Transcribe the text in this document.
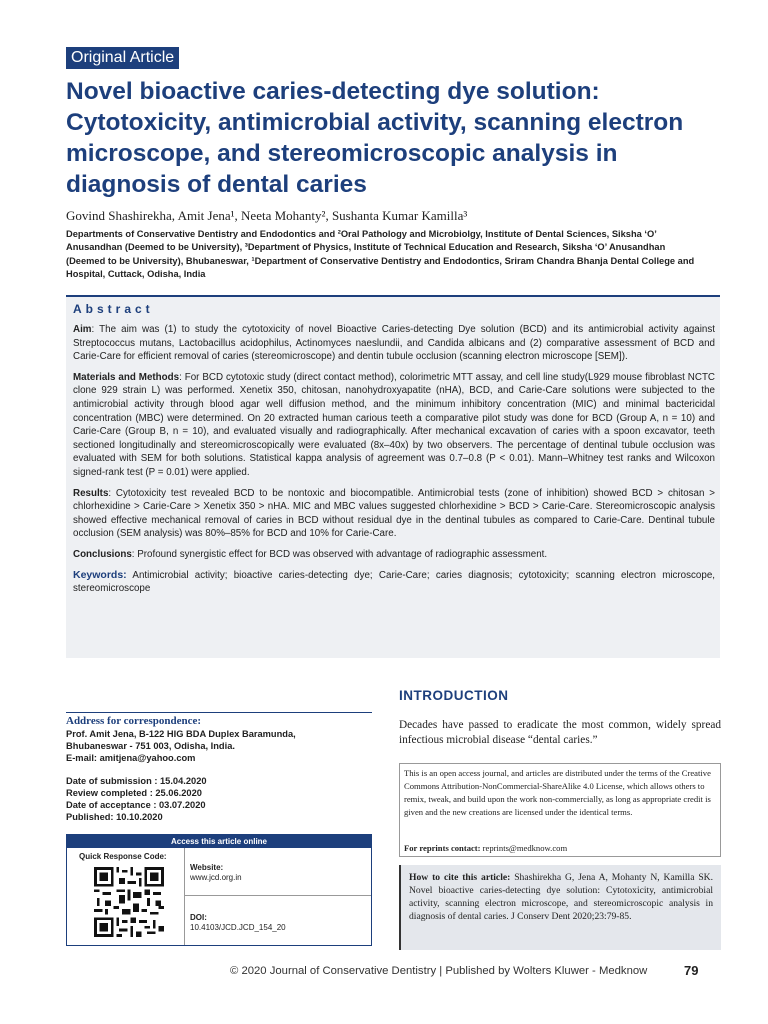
Original Article
Novel bioactive caries-detecting dye solution: Cytotoxicity, antimicrobial activity, scanning electron microscope, and stereomicroscopic analysis in diagnosis of dental caries
Govind Shashirekha, Amit Jena¹, Neeta Mohanty², Sushanta Kumar Kamilla³
Departments of Conservative Dentistry and Endodontics and ²Oral Pathology and Microbiolgy, Institute of Dental Sciences, Siksha ‘O’ Anusandhan (Deemed to be University), ³Department of Physics, Institute of Technical Education and Research, Siksha ‘O’ Anusandhan (Deemed to be University), Bhubaneswar, ¹Department of Conservative Dentistry and Endodontics, Sriram Chandra Bhanja Dental College and Hospital, Cuttack, Odisha, India
Abstract

Aim: The aim was (1) to study the cytotoxicity of novel Bioactive Caries-detecting Dye solution (BCD) and its antimicrobial activity against Streptococcus mutans, Lactobacillus acidophilus, Actinomyces naeslundii, and Candida albicans and (2) comparative assessment of BCD and Carie-Care for efficient removal of caries (stereomicroscope) and dentin tubule occlusion (scanning electron microscope [SEM]).

Materials and Methods: For BCD cytotoxic study (direct contact method), colorimetric MTT assay, and cell line study(L929 mouse fibroblast NCTC clone 929 strain L) was performed. Xenetix 350, chitosan, nanohydroxyapatite (nHA), BCD, and Carie-Care solutions were subjected to the antimicrobial activity through blood agar well diffusion method, and the minimum inhibitory concentration (MIC) and minimal bactericidal concentration (MBC) were determined. On 20 extracted human carious teeth a comparative pilot study was done for BCD (Group A, n = 10) and Carie-Care (Group B, n = 10), and evaluated visually and radiographically. After mechanical excavation of caries with a spoon excavator, teeth sectioned longitudinally and stereomicroscopically were evaluated (8x–40x) by two observers. The percentage of dentinal tubule occlusion was evaluated with SEM for both solutions. Statistical kappa analysis of agreement was 0.7–0.8 (P < 0.01). Mann–Whitney test ranks and Wilcoxon signed-rank test (P = 0.01) were applied.

Results: Cytotoxicity test revealed BCD to be nontoxic and biocompatible. Antimicrobial tests (zone of inhibition) showed BCD > chitosan > chlorhexidine > Carie-Care > Xenetix 350 > nHA. MIC and MBC values suggested chlorhexidine > BCD > Carie-Care. Stereomicroscopic analysis showed effective mechanical removal of caries in BCD without residual dye in the dentinal tubules as compared to Carie-Care. Dentinal tubule occlusion (SEM analysis) was 80%–85% for BCD and 10% for Carie-Care.

Conclusions: Profound synergistic effect for BCD was observed with advantage of radiographic assessment.

Keywords: Antimicrobial activity; bioactive caries-detecting dye; Carie-Care; caries diagnosis; cytotoxicity; scanning electron microscope, stereomicroscope

INTRODUCTION

Decades have passed to eradicate the most common, widely spread infectious microbial disease “dental caries.”

This is an open access journal, and articles are distributed under the terms of the Creative Commons Attribution-NonCommercial-ShareAlike 4.0 License, which allows others to remix, tweak, and build upon the work non-commercially, as long as appropriate credit is given and the new creations are licensed under the identical terms.
For reprints contact: reprints@medknow.com
How to cite this article: Shashirekha G, Jena A, Mohanty N, Kamilla SK. Novel bioactive caries-detecting dye solution: Cytotoxicity, antimicrobial activity, scanning electron microscope, and stereomicroscopic analysis in diagnosis of dental caries. J Conserv Dent 2020;23:79-85.
Address for correspondence:
Prof. Amit Jena, B-122 HIG BDA Duplex Baramunda,
Bhubaneswar - 751 003, Odisha, India.
E-mail: amitjena@yahoo.com
Date of submission : 15.04.2020
Review completed : 25.06.2020
Date of acceptance : 03.07.2020
Published: 10.10.2020
Access this article online
Quick Response Code:
Website:
www.jcd.org.in
DOI:
10.4103/JCD.JCD_154_20
© 2020 Journal of Conservative Dentistry | Published by Wolters Kluwer - Medknow	79
